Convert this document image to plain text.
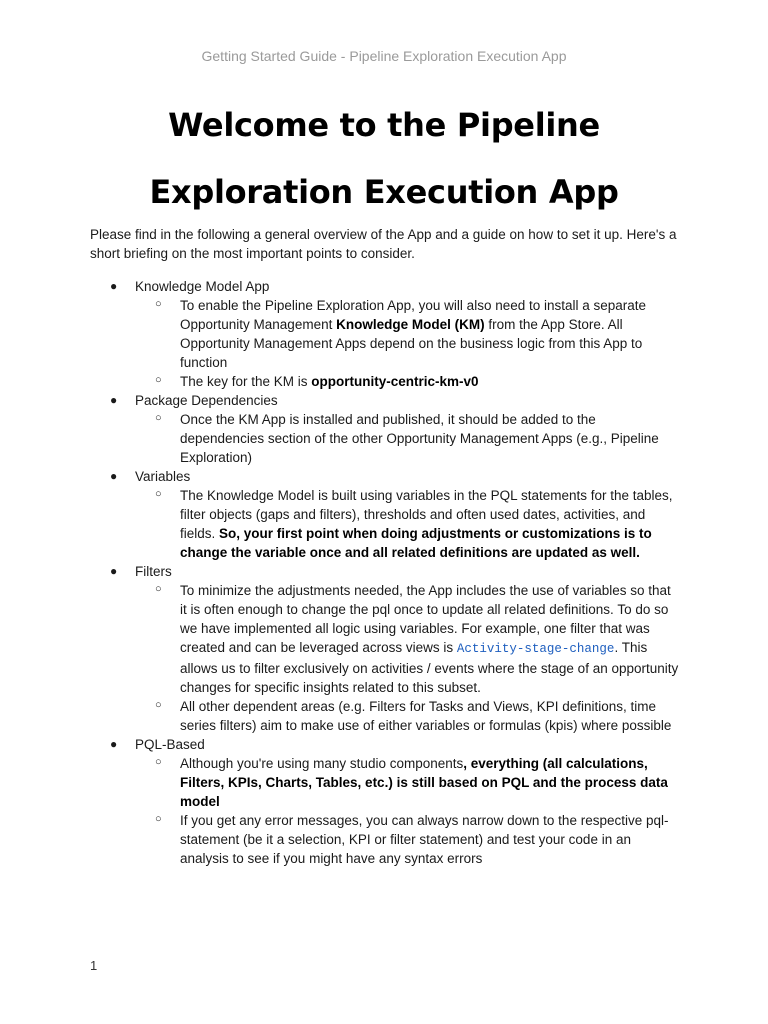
Getting Started Guide - Pipeline Exploration Execution App
Welcome to the Pipeline
Exploration Execution App

Please find in the following a general overview of the App and a guide on how to set it up. Here's a short briefing on the most important points to consider.

● Knowledge Model App
○ To enable the Pipeline Exploration App, you will also need to install a separate Opportunity Management Knowledge Model (KM) from the App Store. All Opportunity Management Apps depend on the business logic from this App to function
○ The key for the KM is opportunity-centric-km-v0
● Package Dependencies
○ Once the KM App is installed and published, it should be added to the dependencies section of the other Opportunity Management Apps (e.g., Pipeline Exploration)
● Variables
○ The Knowledge Model is built using variables in the PQL statements for the tables, filter objects (gaps and filters), thresholds and often used dates, activities, and fields. So, your first point when doing adjustments or customizations is to change the variable once and all related definitions are updated as well.
● Filters
○ To minimize the adjustments needed, the App includes the use of variables so that it is often enough to change the pql once to update all related definitions. To do so we have implemented all logic using variables. For example, one filter that was created and can be leveraged across views is Activity-stage-change. This allows us to filter exclusively on activities / events where the stage of an opportunity changes for specific insights related to this subset.
○ All other dependent areas (e.g. Filters for Tasks and Views, KPI definitions, time series filters) aim to make use of either variables or formulas (kpis) where possible
● PQL-Based
○ Although you're using many studio components, everything (all calculations, Filters, KPIs, Charts, Tables, etc.) is still based on PQL and the process data model
○ If you get any error messages, you can always narrow down to the respective pql-statement (be it a selection, KPI or filter statement) and test your code in an analysis to see if you might have any syntax errors
1
